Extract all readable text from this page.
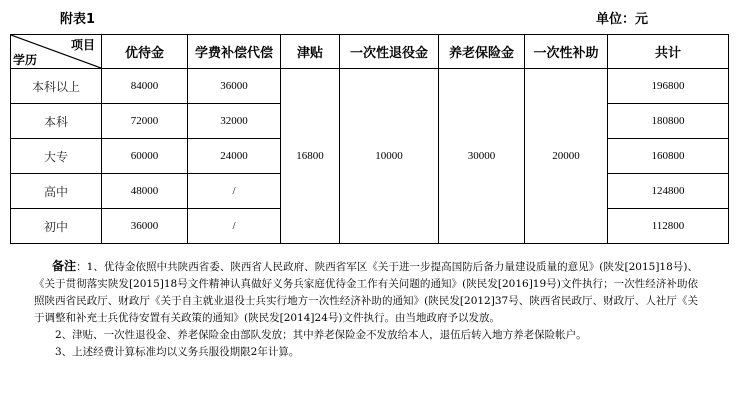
附表1	单位：元
项目
学历	优待金	学费补偿代偿	津贴	一次性退役金	养老保险金	一次性补助	共计
本科以上	84000	36000	16800	10000	30000	20000	196800
本科	72000	32000					180800
大专	60000	24000					160800
高中	48000	/					124800
初中	36000	/					112800

备注：1、优待金依照中共陕西省委、陕西省人民政府、陕西省军区《关于进一步提高国防后备力量建设质量的意见》(陕发[2015]18号)、《关于贯彻落实陕发[2015]18号文件精神认真做好义务兵家庭优待金工作有关问题的通知》(陕民发[2016]19号)文件执行；一次性经济补助依照陕西省民政厅、财政厅《关于自主就业退役士兵实行地方一次性经济补助的通知》(陕民发[2012]37号、陕西省民政厅、财政厅、人社厅《关于调整和补充士兵优待安置有关政策的通知》(陕民发[2014]24号)文件执行。由当地政府予以发放。

2、津贴、一次性退役金、养老保险金由部队发放；其中养老保险金不发放给本人，退伍后转入地方养老保险帐户。

3、上述经费计算标准均以义务兵服役期限2年计算。
